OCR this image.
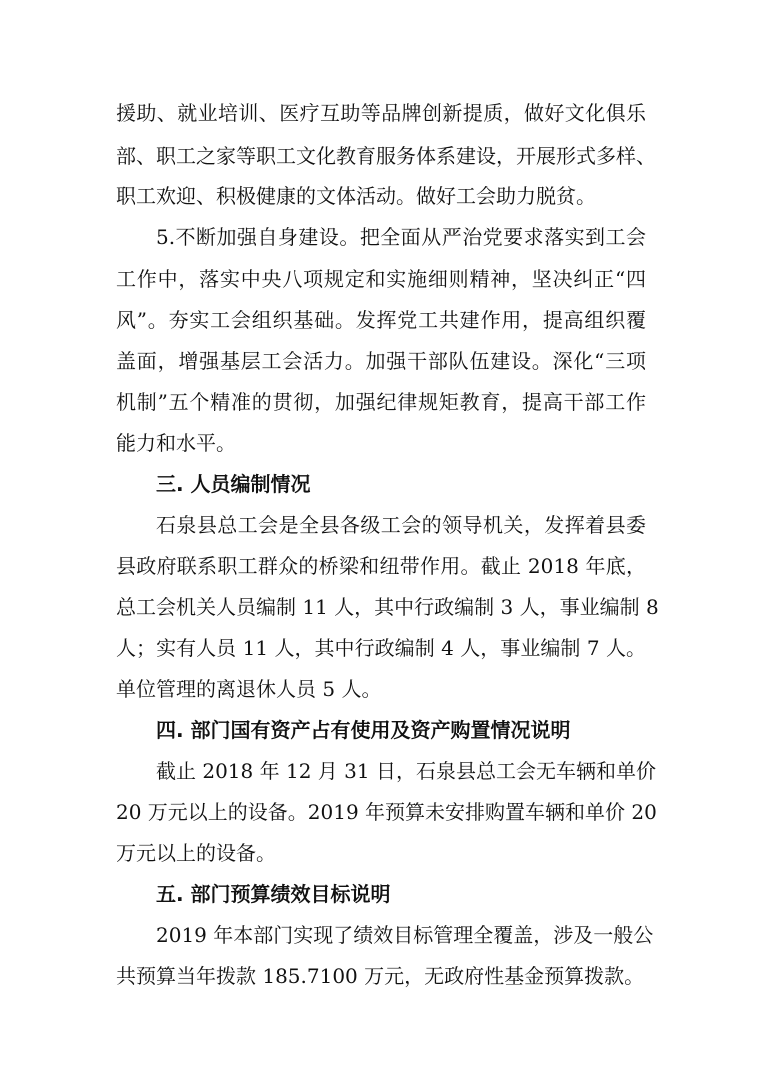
援助、就业培训、医疗互助等品牌创新提质，做好文化俱乐
部、职工之家等职工文化教育服务体系建设，开展形式多样、
职工欢迎、积极健康的文体活动。做好工会助力脱贫。
5.不断加强自身建设。把全面从严治党要求落实到工会
工作中，落实中央八项规定和实施细则精神，坚决纠正“四
风”。夯实工会组织基础。发挥党工共建作用，提高组织覆
盖面，增强基层工会活力。加强干部队伍建设。深化“三项
机制”五个精准的贯彻，加强纪律规矩教育，提高干部工作
能力和水平。
三. 人员编制情况
石泉县总工会是全县各级工会的领导机关，发挥着县委
县政府联系职工群众的桥梁和纽带作用。截止 2018 年底，
总工会机关人员编制 11 人，其中行政编制 3 人，事业编制 8
人；实有人员 11 人，其中行政编制 4 人，事业编制 7 人。
单位管理的离退休人员 5 人。
四. 部门国有资产占有使用及资产购置情况说明
截止 2018 年 12 月 31 日，石泉县总工会无车辆和单价
20 万元以上的设备。2019 年预算未安排购置车辆和单价 20
万元以上的设备。
五. 部门预算绩效目标说明
2019 年本部门实现了绩效目标管理全覆盖，涉及一般公
共预算当年拨款 185.7100 万元，无政府性基金预算拨款。
